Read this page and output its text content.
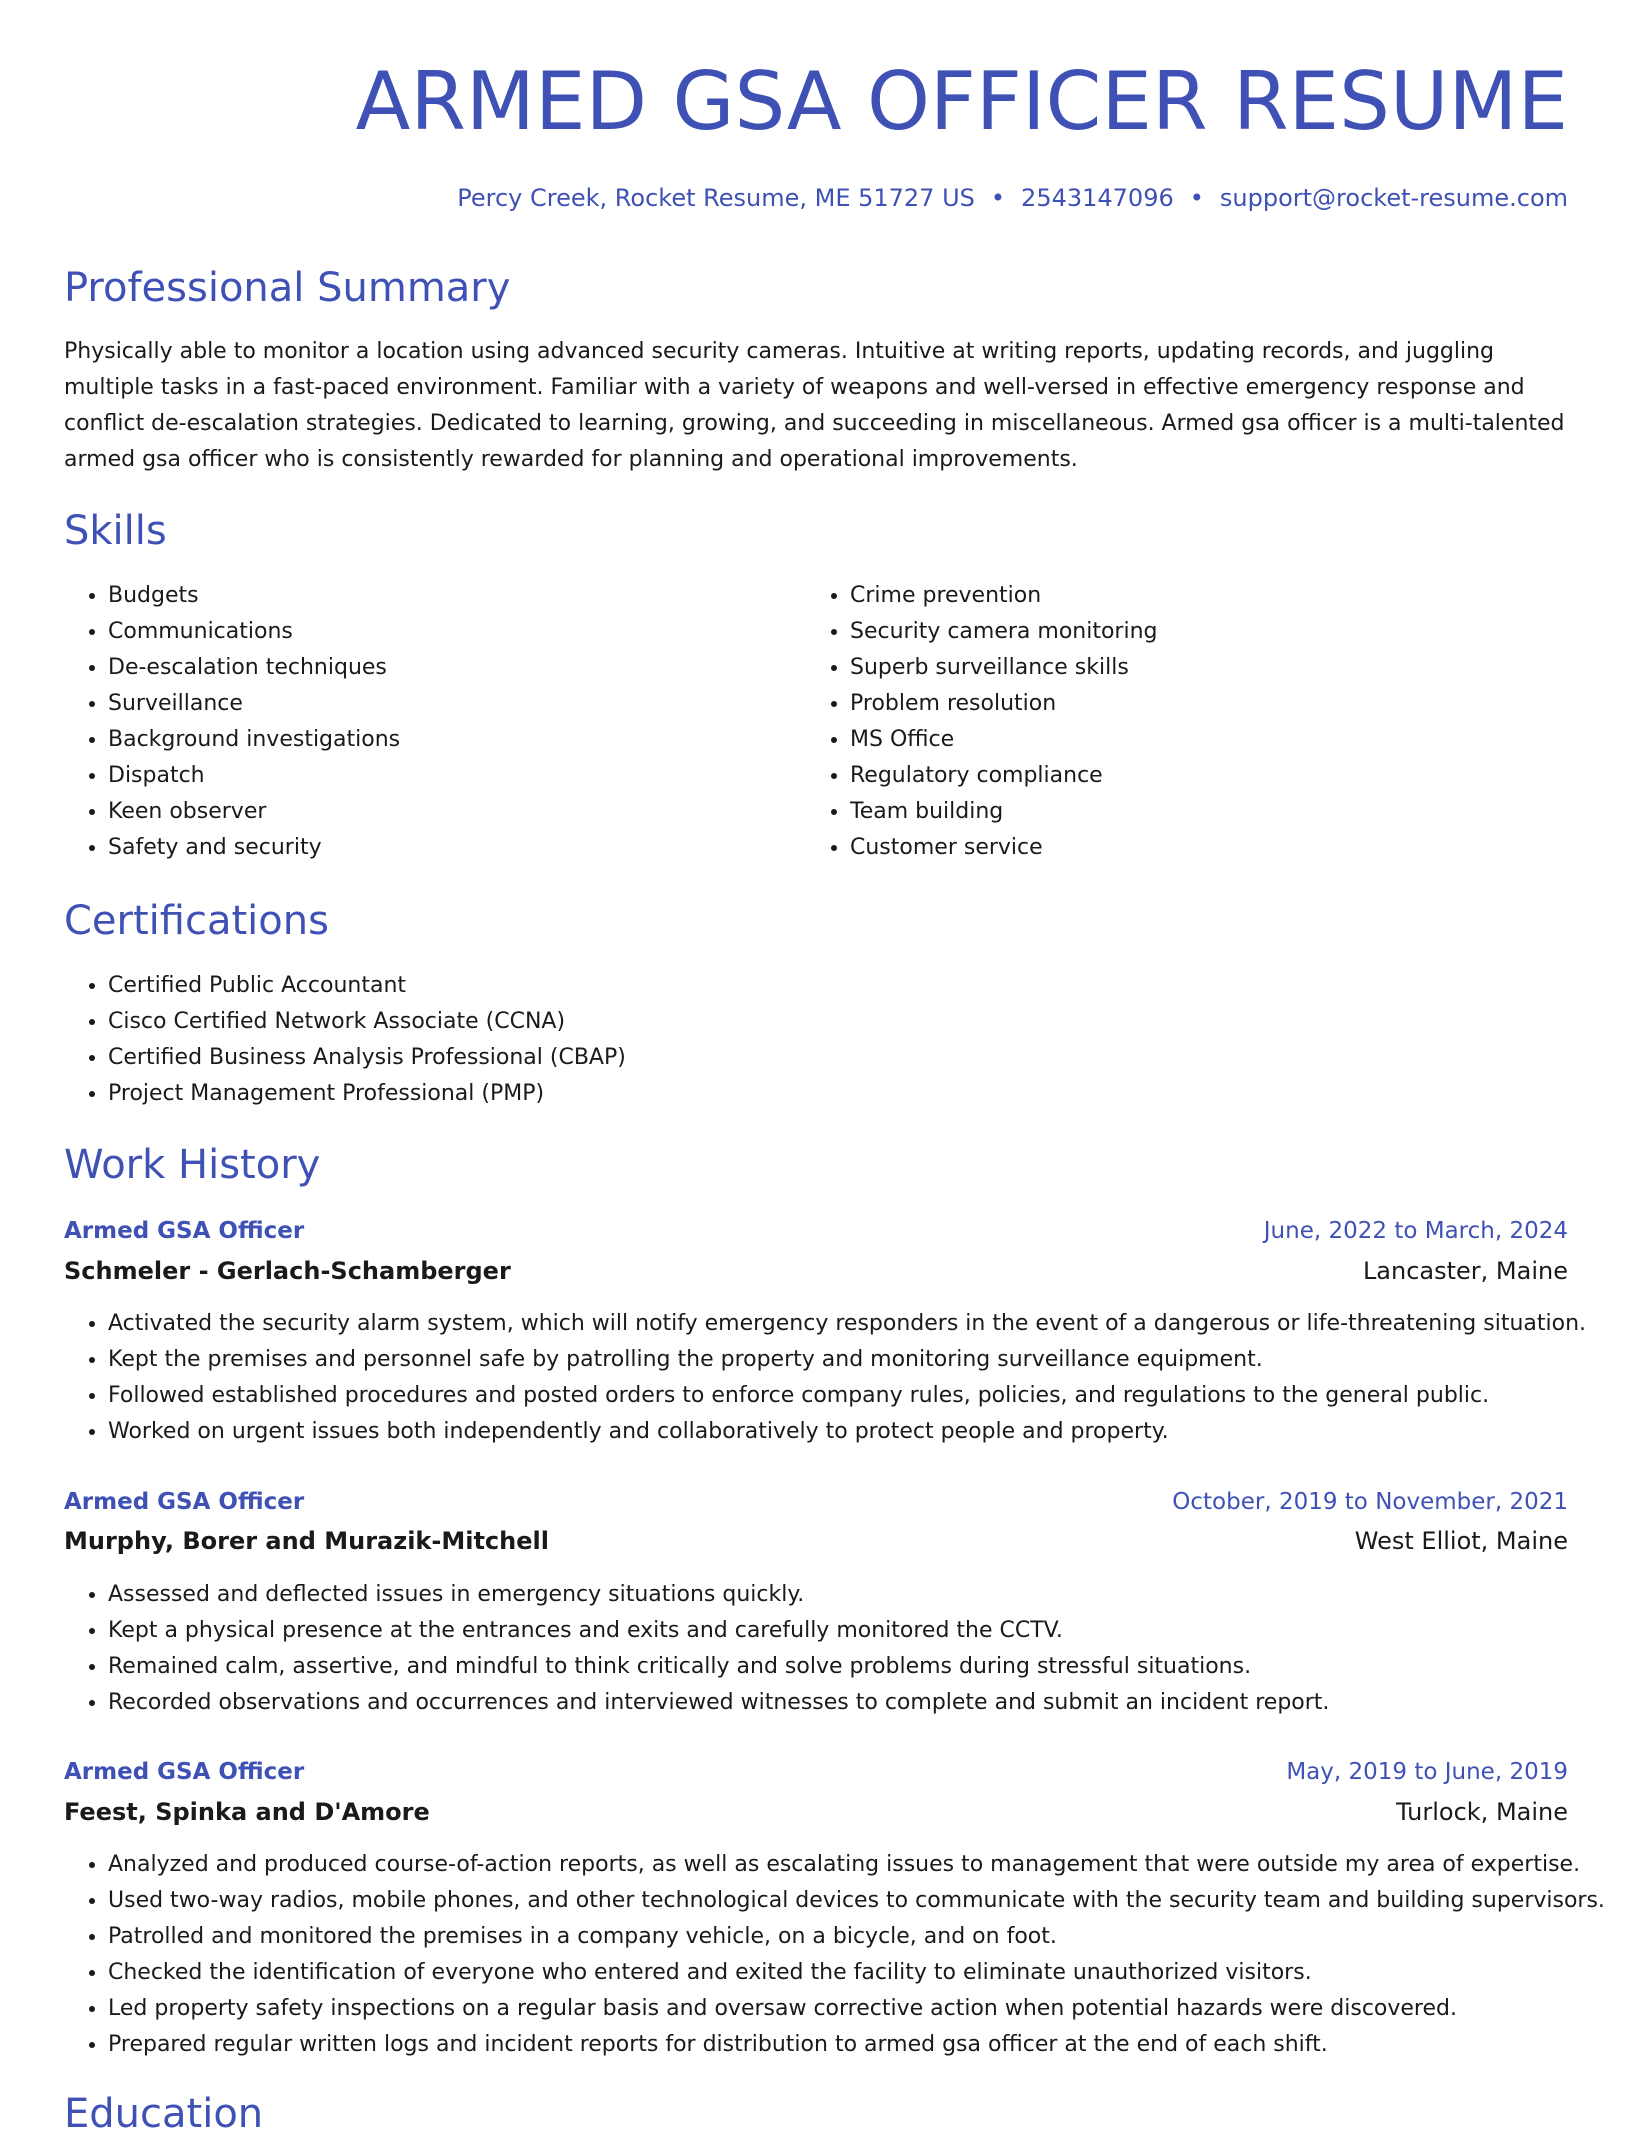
ARMED GSA OFFICER RESUME
Percy Creek, Rocket Resume, ME 51727 US • 2543147096 • support@rocket-resume.com
Professional Summary

Physically able to monitor a location using advanced security cameras. Intuitive at writing reports, updating records, and juggling multiple tasks in a fast-paced environment. Familiar with a variety of weapons and well-versed in effective emergency response and conflict de-escalation strategies. Dedicated to learning, growing, and succeeding in miscellaneous. Armed gsa officer is a multi-talented armed gsa officer who is consistently rewarded for planning and operational improvements.

Skills
• Budgets
• Communications
• De-escalation techniques
• Surveillance
• Background investigations
• Dispatch
• Keen observer
• Safety and security
• Crime prevention
• Security camera monitoring
• Superb surveillance skills
• Problem resolution
• MS Office
• Regulatory compliance
• Team building
• Customer service
Certifications
• Certified Public Accountant
• Cisco Certified Network Associate (CCNA)
• Certified Business Analysis Professional (CBAP)
• Project Management Professional (PMP)
Work History
Armed GSA Officer	June, 2022 to March, 2024
Schmeler - Gerlach-Schamberger	Lancaster, Maine
• Activated the security alarm system, which will notify emergency responders in the event of a dangerous or life-threatening situation.
• Kept the premises and personnel safe by patrolling the property and monitoring surveillance equipment.
• Followed established procedures and posted orders to enforce company rules, policies, and regulations to the general public.
• Worked on urgent issues both independently and collaboratively to protect people and property.
Armed GSA Officer	October, 2019 to November, 2021
Murphy, Borer and Murazik-Mitchell	West Elliot, Maine
• Assessed and deflected issues in emergency situations quickly.
• Kept a physical presence at the entrances and exits and carefully monitored the CCTV.
• Remained calm, assertive, and mindful to think critically and solve problems during stressful situations.
• Recorded observations and occurrences and interviewed witnesses to complete and submit an incident report.
Armed GSA Officer	May, 2019 to June, 2019
Feest, Spinka and D'Amore	Turlock, Maine
• Analyzed and produced course-of-action reports, as well as escalating issues to management that were outside my area of expertise.
• Used two-way radios, mobile phones, and other technological devices to communicate with the security team and building supervisors.
• Patrolled and monitored the premises in a company vehicle, on a bicycle, and on foot.
• Checked the identification of everyone who entered and exited the facility to eliminate unauthorized visitors.
• Led property safety inspections on a regular basis and oversaw corrective action when potential hazards were discovered.
• Prepared regular written logs and incident reports for distribution to armed gsa officer at the end of each shift.
Education
